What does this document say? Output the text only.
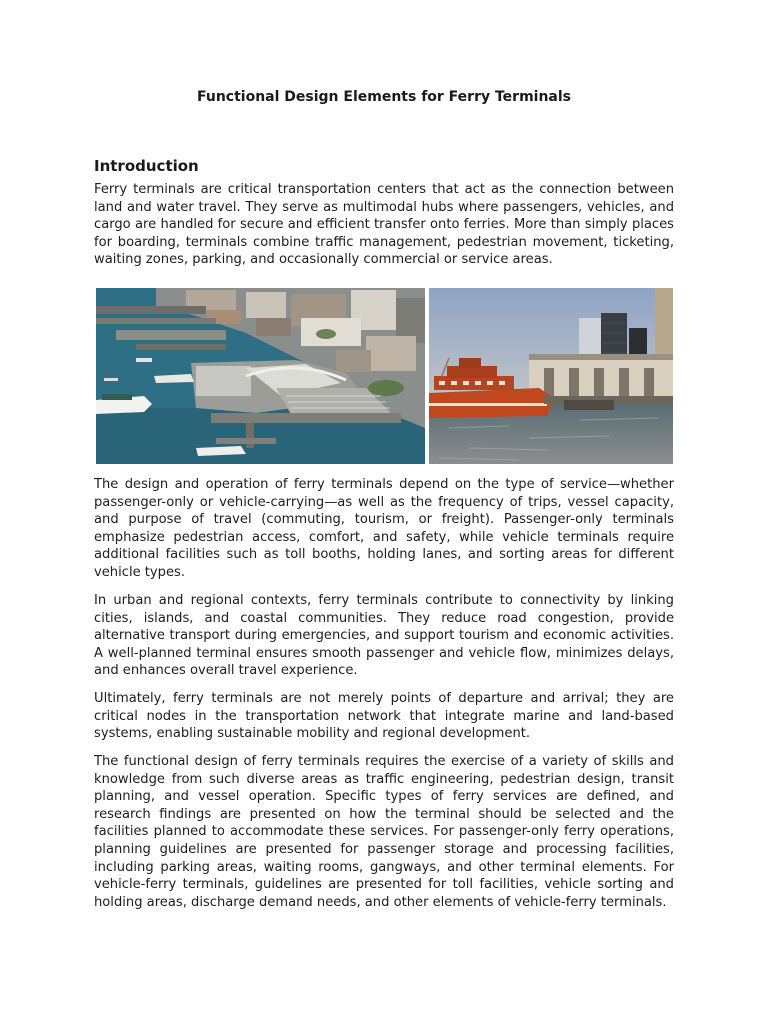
Functional Design Elements for Ferry Terminals
Introduction

Ferry terminals are critical transportation centers that act as the connection between land and water travel. They serve as multimodal hubs where passengers, vehicles, and cargo are handled for secure and efficient transfer onto ferries. More than simply places for boarding, terminals combine traffic management, pedestrian movement, ticketing, waiting zones, parking, and occasionally commercial or service areas.

The design and operation of ferry terminals depend on the type of service—whether passenger-only or vehicle-carrying—as well as the frequency of trips, vessel capacity, and purpose of travel (commuting, tourism, or freight). Passenger-only terminals emphasize pedestrian access, comfort, and safety, while vehicle terminals require additional facilities such as toll booths, holding lanes, and sorting areas for different vehicle types.

In urban and regional contexts, ferry terminals contribute to connectivity by linking cities, islands, and coastal communities. They reduce road congestion, provide alternative transport during emergencies, and support tourism and economic activities. A well-planned terminal ensures smooth passenger and vehicle flow, minimizes delays, and enhances overall travel experience.

Ultimately, ferry terminals are not merely points of departure and arrival; they are critical nodes in the transportation network that integrate marine and land-based systems, enabling sustainable mobility and regional development.

The functional design of ferry terminals requires the exercise of a variety of skills and knowledge from such diverse areas as traffic engineering, pedestrian design, transit planning, and vessel operation. Specific types of ferry services are defined, and research findings are presented on how the terminal should be selected and the facilities planned to accommodate these services. For passenger-only ferry operations, planning guidelines are presented for passenger storage and processing facilities, including parking areas, waiting rooms, gangways, and other terminal elements. For vehicle-ferry terminals, guidelines are presented for toll facilities, vehicle sorting and holding areas, discharge demand needs, and other elements of vehicle-ferry terminals.
